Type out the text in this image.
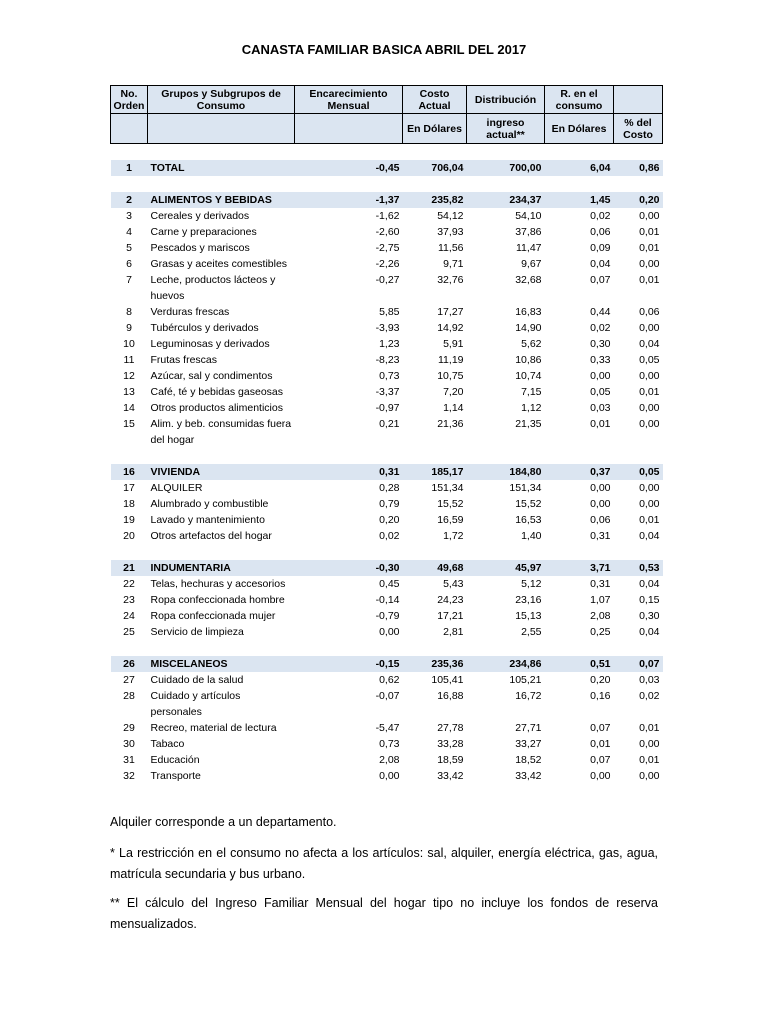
CANASTA FAMILIAR BASICA ABRIL DEL 2017
No. Orden	Grupos y Subgrupos de Consumo	Encarecimiento Mensual	Costo Actual	Distribución	R. en el consumo	
			En Dólares	ingreso actual**	En Dólares	% del Costo

1	TOTAL	-0,45	706,04	700,00	6,04	0,86

2	ALIMENTOS Y BEBIDAS	-1,37	235,82	234,37	1,45	0,20
3	Cereales y derivados	-1,62	54,12	54,10	0,02	0,00
4	Carne y preparaciones	-2,60	37,93	37,86	0,06	0,01
5	Pescados y mariscos	-2,75	11,56	11,47	0,09	0,01
6	Grasas y aceites comestibles	-2,26	9,71	9,67	0,04	0,00
7	Leche, productos lácteos y huevos	-0,27	32,76	32,68	0,07	0,01
8	Verduras frescas	5,85	17,27	16,83	0,44	0,06
9	Tubérculos y derivados	-3,93	14,92	14,90	0,02	0,00
10	Leguminosas y derivados	1,23	5,91	5,62	0,30	0,04
11	Frutas frescas	-8,23	11,19	10,86	0,33	0,05
12	Azúcar, sal y condimentos	0,73	10,75	10,74	0,00	0,00
13	Café, té y bebidas gaseosas	-3,37	7,20	7,15	0,05	0,01
14	Otros productos alimenticios	-0,97	1,14	1,12	0,03	0,00
15	Alim. y beb. consumidas fuera del hogar	0,21	21,36	21,35	0,01	0,00

16	VIVIENDA	0,31	185,17	184,80	0,37	0,05
17	ALQUILER	0,28	151,34	151,34	0,00	0,00
18	Alumbrado y combustible	0,79	15,52	15,52	0,00	0,00
19	Lavado y mantenimiento	0,20	16,59	16,53	0,06	0,01
20	Otros artefactos del hogar	0,02	1,72	1,40	0,31	0,04

21	INDUMENTARIA	-0,30	49,68	45,97	3,71	0,53
22	Telas, hechuras y accesorios	0,45	5,43	5,12	0,31	0,04
23	Ropa confeccionada hombre	-0,14	24,23	23,16	1,07	0,15
24	Ropa confeccionada mujer	-0,79	17,21	15,13	2,08	0,30
25	Servicio de limpieza	0,00	2,81	2,55	0,25	0,04

26	MISCELANEOS	-0,15	235,36	234,86	0,51	0,07
27	Cuidado de la salud	0,62	105,41	105,21	0,20	0,03
28	Cuidado y artículos personales	-0,07	16,88	16,72	0,16	0,02
29	Recreo, material de lectura	-5,47	27,78	27,71	0,07	0,01
30	Tabaco	0,73	33,28	33,27	0,01	0,00
31	Educación	2,08	18,59	18,52	0,07	0,01
32	Transporte	0,00	33,42	33,42	0,00	0,00

Alquiler corresponde a un departamento.

* La restricción en el consumo no afecta a los artículos: sal, alquiler, energía eléctrica, gas, agua, matrícula secundaria y bus urbano.

** El cálculo del Ingreso Familiar Mensual del hogar tipo no incluye los fondos de reserva mensualizados.
